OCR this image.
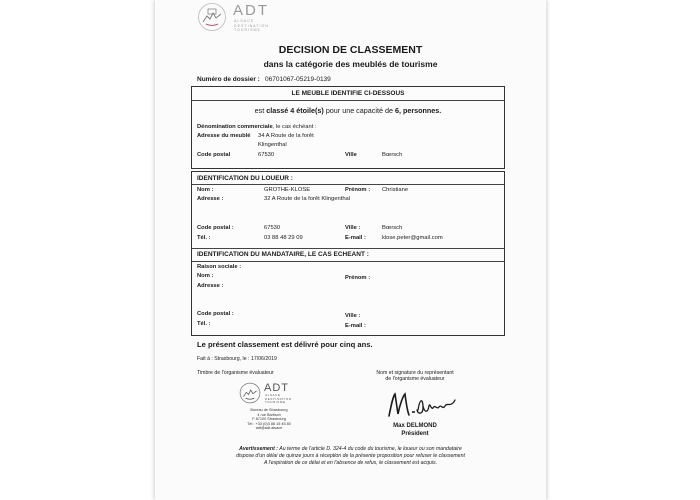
ADT
ALSACE
DESTINATION
TOURISME
DECISION DE CLASSEMENT
dans la catégorie des meublés de tourisme
Numéro de dossier : 06701067-05219-0139
LE MEUBLE IDENTIFIE CI-DESSOUS
est classé 4 étoile(s) pour une capacité de 6, personnes.
Dénomination commerciale, le cas échéant :
Adresse du meublé 34 A Route de la forêt
Klingenthal
Code postal	67530	Ville	Bœrsch
IDENTIFICATION DU LOUEUR :
Nom :	GROTHE-KLOSE	Prénom : Christiane
Adresse :	32 A Route de la forêt Klingenthal
Code postal :	67530	Ville :	Bœrsch
Tél. :	03 88 48 29 09	E-mail :	klose.peter@gmail.com
IDENTIFICATION DU MANDATAIRE, LE CAS ECHEANT :
Raison sociale :
Nom :	Prénom :
Adresse :
Code postal :	Ville :
Tél. :	E-mail :
Le présent classement est délivré pour cinq ans.
Fait à : Strasbourg, le : 17/06/2019
Timbre de l'organisme évaluateur	Nom et signature du représentant
de l'organisme évaluateur
ADT
ALSACE
DESTINATION
TOURISME
Bureau de Strasbourg
4 rue Bartisch
F-67100 Strasbourg
Tél : +33 (0)3 88 15 45 80
adt@adt.alsace	Max DELMOND
Président
Avertissement : Au terme de l'article D. 324-4 du code du tourisme, le loueur ou son mandataire
dispose d'un délai de quinze jours à réception de la présente proposition pour refuser le classement
A l'expiration de ce délai et en l'absence de refus, le classement est acquis.
